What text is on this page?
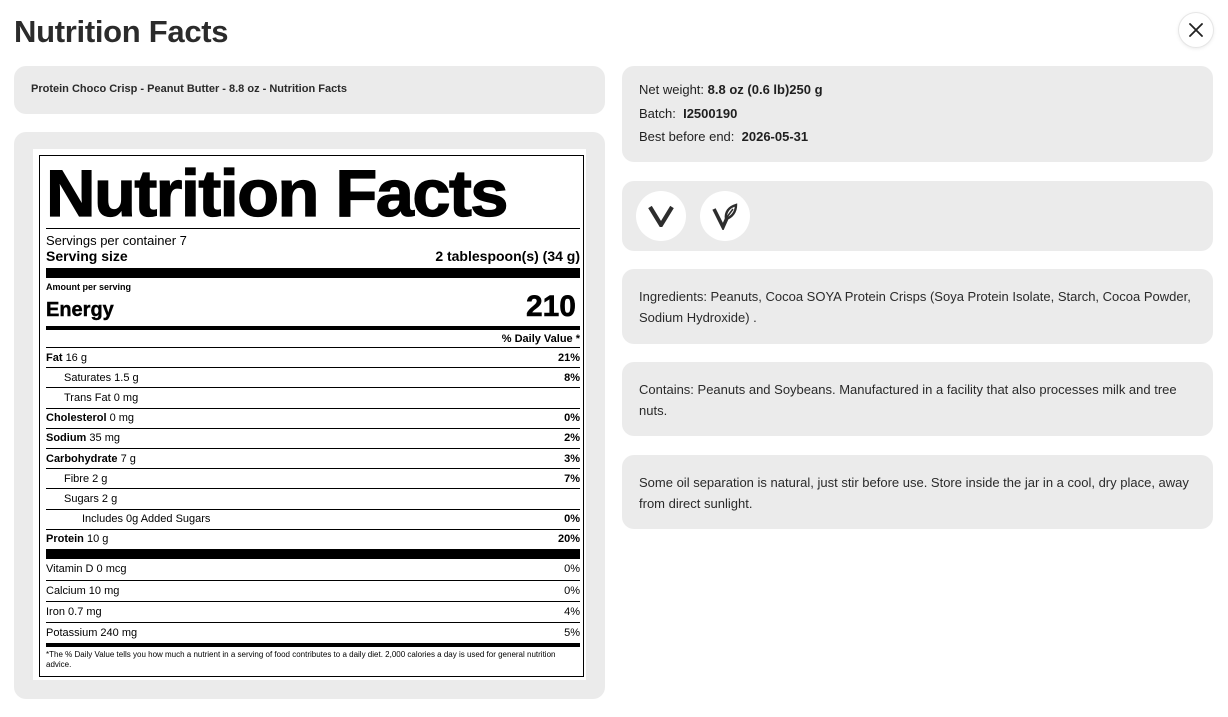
Nutrition Facts
Protein Choco Crisp - Peanut Butter - 8.8 oz - Nutrition Facts
Nutrition Facts
Servings per container 7
Serving size	2 tablespoon(s) (34 g)
Amount per serving
Energy	210
% Daily Value *
Fat 16 g	21%
Saturates 1.5 g	8%
Trans Fat 0 mg
Cholesterol 0 mg	0%
Sodium 35 mg	2%
Carbohydrate 7 g	3%
Fibre 2 g	7%
Sugars 2 g
Includes 0g Added Sugars	0%
Protein 10 g	20%
Vitamin D 0 mcg	0%
Calcium 10 mg	0%
Iron 0.7 mg	4%
Potassium 240 mg	5%
*The % Daily Value tells you how much a nutrient in a serving of food contributes to a daily diet. 2,000 calories a day is used for general nutrition advice.
Net weight: 8.8 oz (0.6 lb)250 g
Batch: I2500190
Best before end: 2026-05-31
Ingredients: Peanuts, Cocoa SOYA Protein Crisps (Soya Protein Isolate, Starch, Cocoa Powder, Sodium Hydroxide) .
Contains: Peanuts and Soybeans. Manufactured in a facility that also processes milk and tree nuts.
Some oil separation is natural, just stir before use. Store inside the jar in a cool, dry place, away from direct sunlight.
